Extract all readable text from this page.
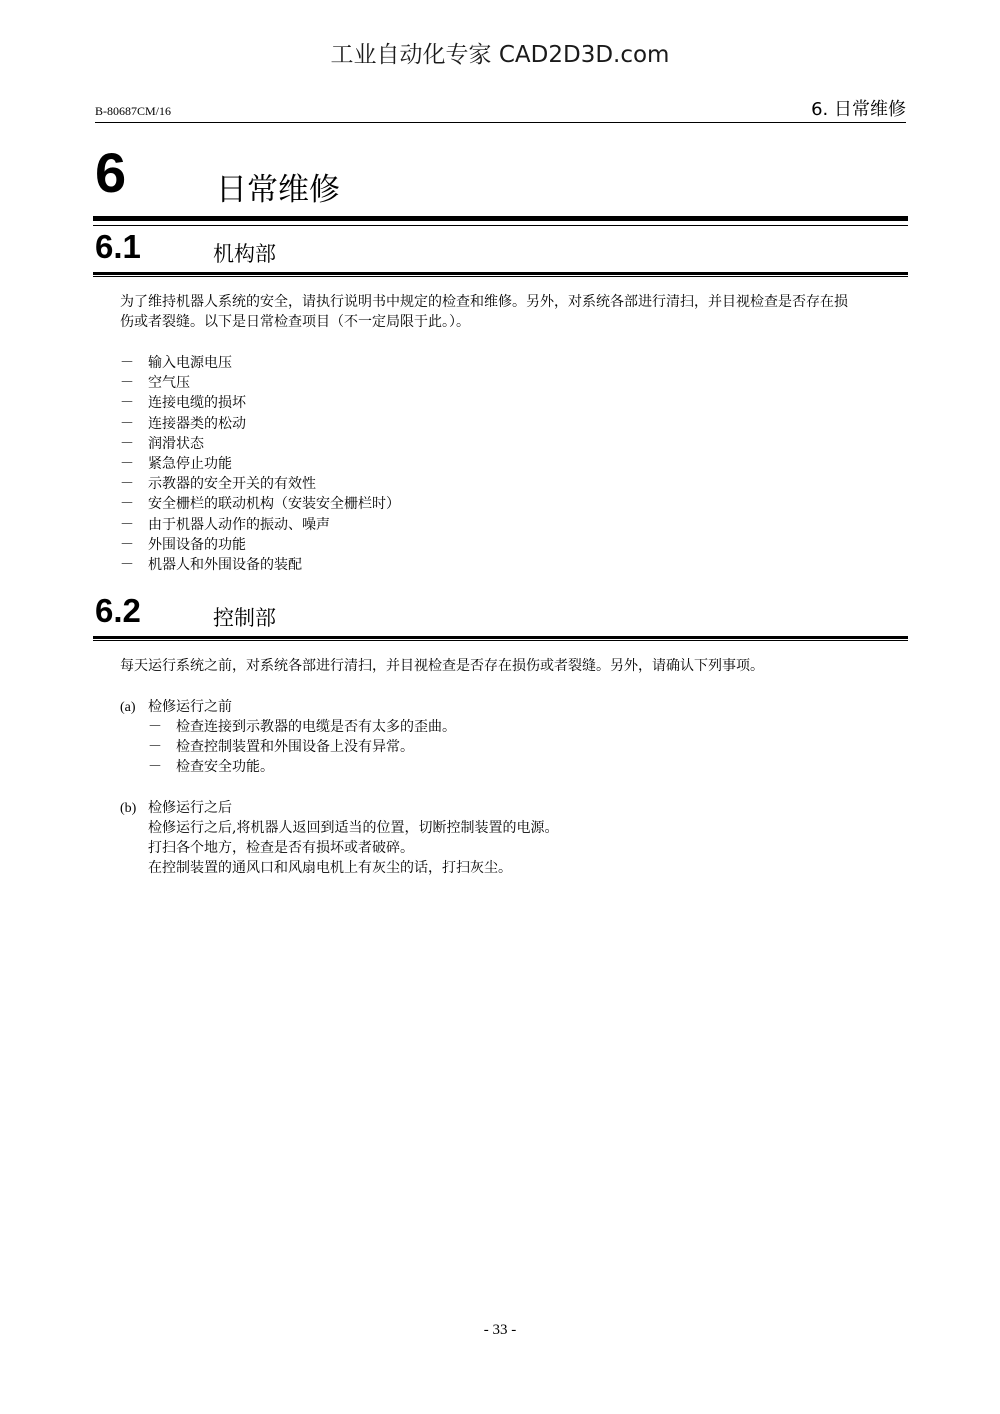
工业自动化专家 CAD2D3D.com
B-80687CM/16	6. 日常维修
6	日常维修
6.1	机构部
为了维持机器人系统的安全，请执行说明书中规定的检查和维修。另外，对系统各部进行清扫，并目视检查是否存在损
伤或者裂缝。以下是日常检查项目（不一定局限于此。）。
－ 输入电源电压
－ 空气压
－ 连接电缆的损坏
－ 连接器类的松动
－ 润滑状态
－ 紧急停止功能
－ 示教器的安全开关的有效性
－ 安全栅栏的联动机构（安装安全栅栏时）
－ 由于机器人动作的振动、噪声
－ 外围设备的功能
－ 机器人和外围设备的装配
6.2	控制部
每天运行系统之前，对系统各部进行清扫，并目视检查是否存在损伤或者裂缝。另外，请确认下列事项。
(a) 检修运行之前
－ 检查连接到示教器的电缆是否有太多的歪曲。
－ 检查控制装置和外围设备上没有异常。
－ 检查安全功能。
(b) 检修运行之后
检修运行之后,将机器人返回到适当的位置，切断控制装置的电源。
打扫各个地方，检查是否有损坏或者破碎。
在控制装置的通风口和风扇电机上有灰尘的话，打扫灰尘。
- 33 -
